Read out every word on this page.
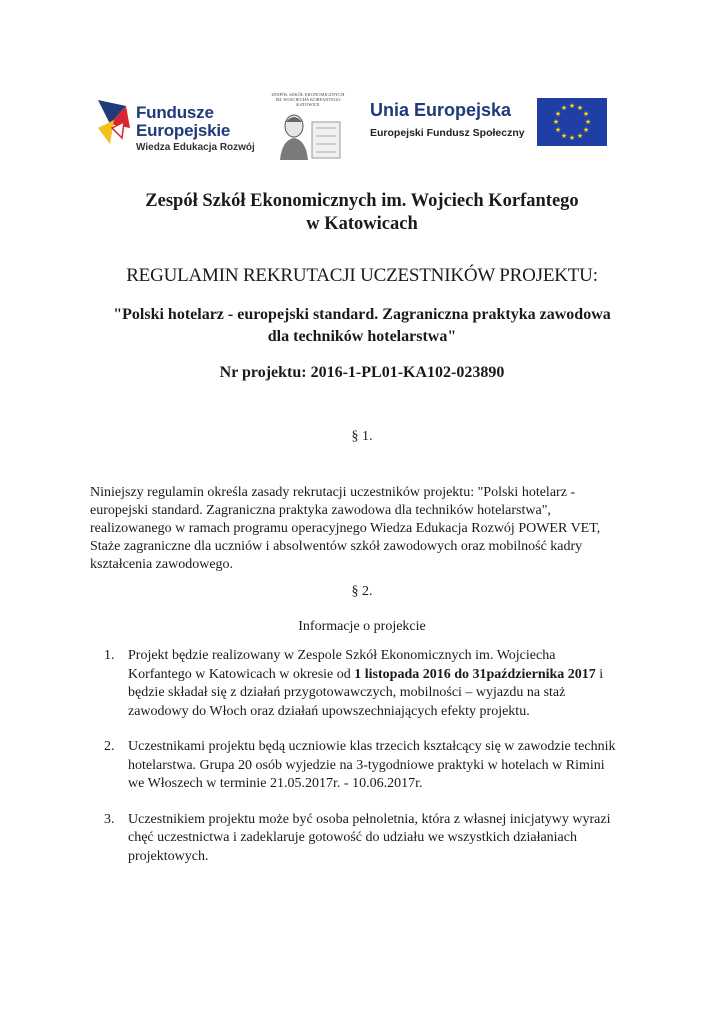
Fundusze
Europejskie
Wiedza Edukacja Rozwój
ZESPÓŁ SZKÓŁ EKONOMICZNYCH IM. WOJCIECHA KORFANTEGO KATOWICE	Unia Europejska
Europejski Fundusz Społeczny
★ ★
★
★
★
★
★
★
★
★
★
★
Zespół Szkół Ekonomicznych im. Wojciech Korfantego
w Katowicach
REGULAMIN REKRUTACJI UCZESTNIKÓW PROJEKTU:
"Polski hotelarz - europejski standard. Zagraniczna praktyka zawodowa
dla techników hotelarstwa"
Nr projektu: 2016-1-PL01-KA102-023890
§ 1.
Niniejszy regulamin określa zasady rekrutacji uczestników projektu: "Polski hotelarz -
europejski standard. Zagraniczna praktyka zawodowa dla techników hotelarstwa",
realizowanego w ramach programu operacyjnego Wiedza Edukacja Rozwój POWER VET,
Staże zagraniczne dla uczniów i absolwentów szkół zawodowych oraz mobilność kadry
kształcenia zawodowego.
§ 2.
Informacje o projekcie
1. Projekt będzie realizowany w Zespole Szkół Ekonomicznych im. Wojciecha
Korfantego w Katowicach w okresie od 1 listopada 2016 do 31października 2017 i
będzie składał się z działań przygotowawczych, mobilności – wyjazdu na staż
zawodowy do Włoch oraz działań upowszechniających efekty projektu.
2. Uczestnikami projektu będą uczniowie klas trzecich kształcący się w zawodzie technik
hotelarstwa. Grupa 20 osób wyjedzie na 3-tygodniowe praktyki w hotelach w Rimini
we Włoszech w terminie 21.05.2017r. - 10.06.2017r.
3. Uczestnikiem projektu może być osoba pełnoletnia, która z własnej inicjatywy wyrazi
chęć uczestnictwa i zadeklaruje gotowość do udziału we wszystkich działaniach
projektowych.
